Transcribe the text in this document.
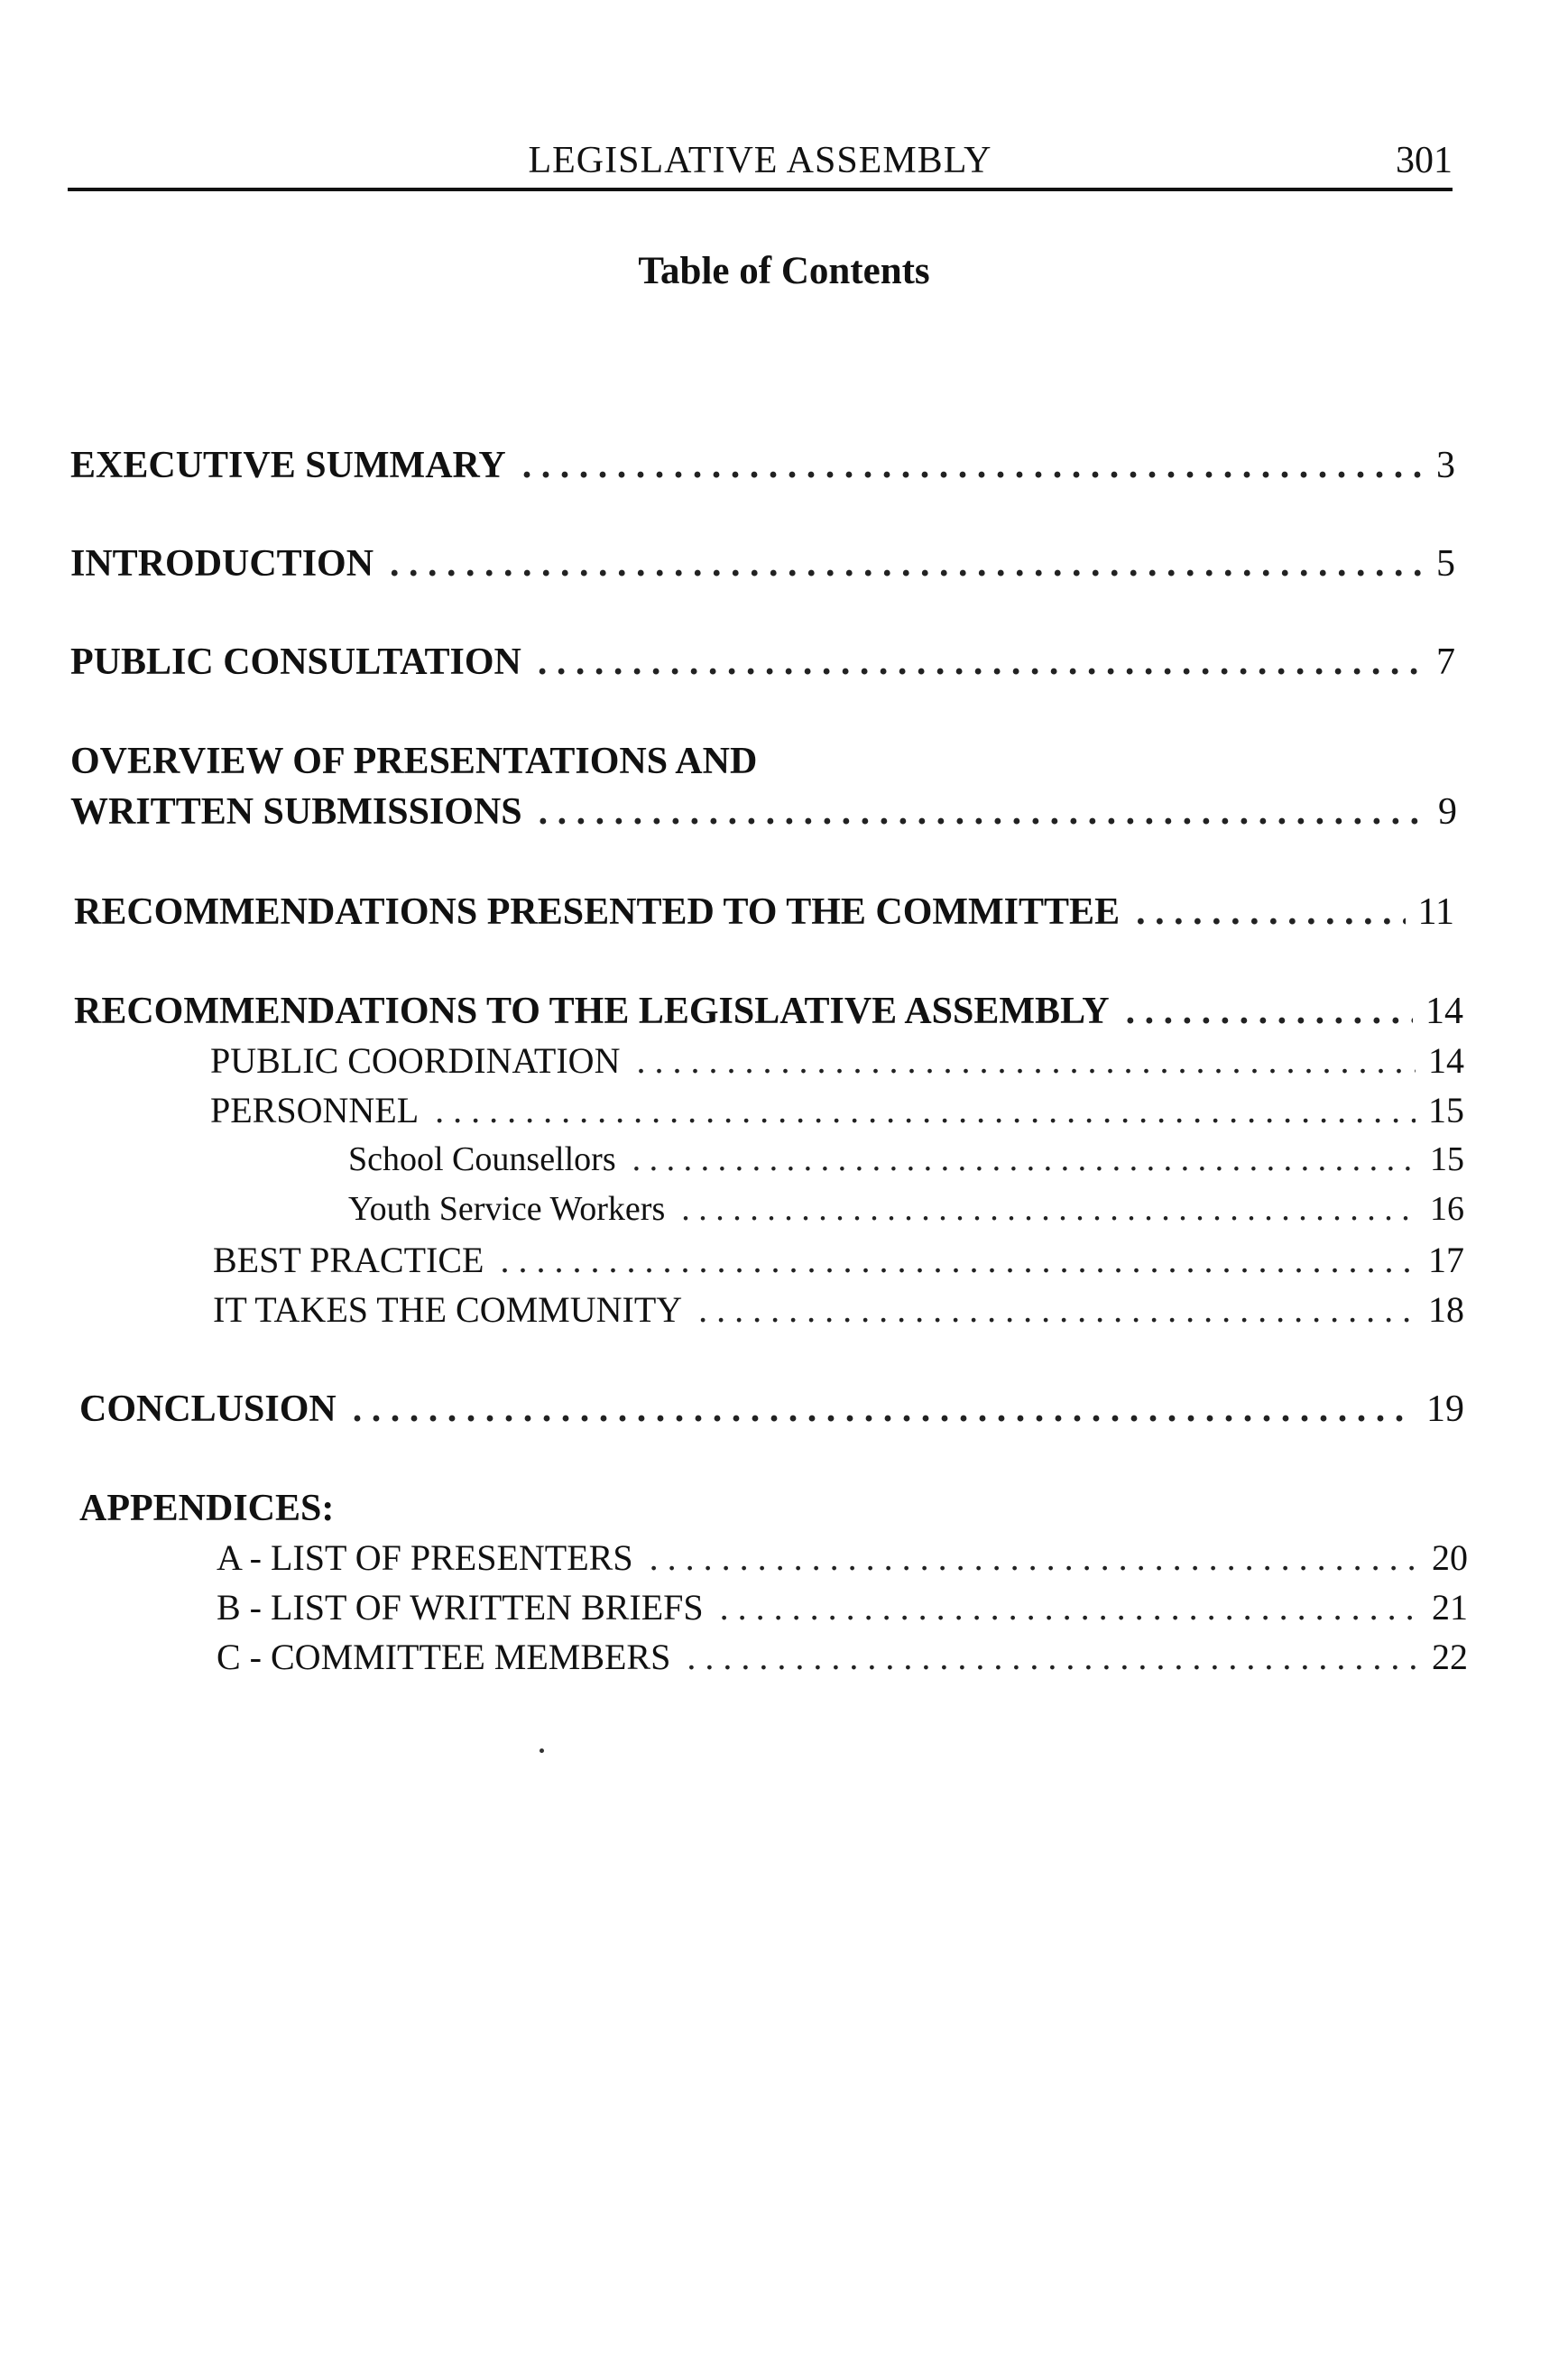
LEGISLATIVE ASSEMBLY	301
Table of Contents
EXECUTIVE SUMMARY . . .	3
INTRODUCTION . . .	5
PUBLIC CONSULTATION . . .	7
OVERVIEW OF PRESENTATIONS AND
WRITTEN SUBMISSIONS . . .	9
RECOMMENDATIONS PRESENTED TO THE COMMITTEE . . .	11
RECOMMENDATIONS TO THE LEGISLATIVE ASSEMBLY . . .	14
PUBLIC COORDINATION . . .	14
PERSONNEL . . .	15
School Counsellors . . .	15
Youth Service Workers . . .	16
BEST PRACTICE . . .	17
IT TAKES THE COMMUNITY . . .	18
CONCLUSION . . .	19
APPENDICES:
A - LIST OF PRESENTERS . . .	20
B - LIST OF WRITTEN BRIEFS . . .	21
C - COMMITTEE MEMBERS . . .	22
